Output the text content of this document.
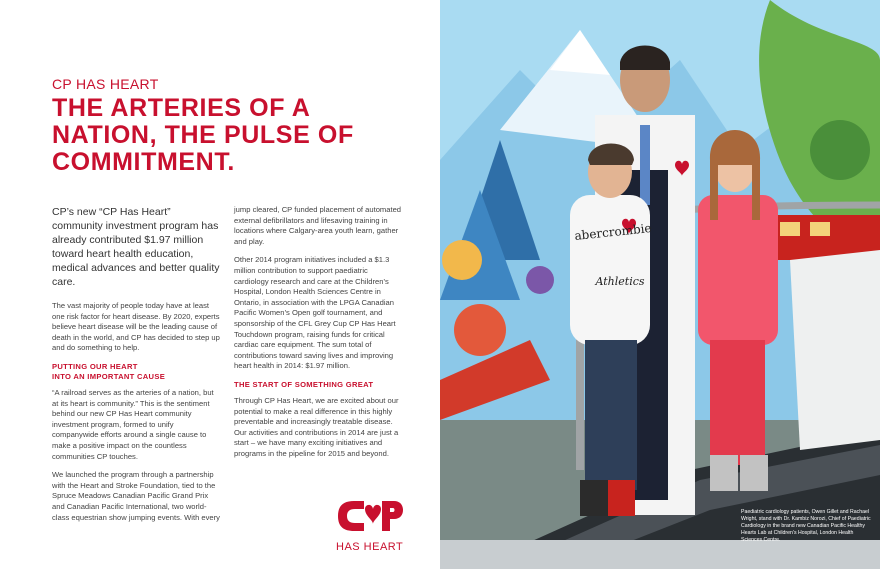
CP HAS HEART
THE ARTERIES OF A NATION, THE PULSE OF COMMITMENT.

CP’s new “CP Has Heart” community investment program has already contributed $1.97 million toward heart health education, medical advances and better quality care.

The vast majority of people today have at least one risk factor for heart disease. By 2020, experts believe heart disease will be the leading cause of death in the world, and CP has decided to step up and do something to help.

PUTTING OUR HEART
INTO AN IMPORTANT CAUSE

“A railroad serves as the arteries of a nation, but at its heart is community.” This is the sentiment behind our new CP Has Heart community investment program, formed to unify companywide efforts around a single cause to make a positive impact on the countless communities CP touches.

We launched the program through a partnership with the Heart and Stroke Foundation, tied to the Spruce Meadows Canadian Pacific Grand Prix and Canadian Pacific International, two world-class equestrian show jumping events. With every

jump cleared, CP funded placement of automated external defibrillators and lifesaving training in locations where Calgary-area youth learn, gather and play.

Other 2014 program initiatives included a $1.3 million contribution to support paediatric cardiology research and care at the Children’s Hospital, London Health Sciences Centre in Ontario, in association with the LPGA Canadian Pacific Women’s Open golf tournament, and sponsorship of the CFL Grey Cup CP Has Heart Touchdown program, raising funds for critical cardiac care equipment. The sum total of contributions toward saving lives and improving heart health in 2014: $1.97 million.

THE START OF SOMETHING GREAT

Through CP Has Heart, we are excited about our potential to make a real difference in this highly preventable and increasingly treatable disease. Our activities and contributions in 2014 are just a start – we have many exciting initiatives and programs in the pipeline for 2015 and beyond.

HAS HEART
abercrombie
Athletics
Paediatric cardiology patients, Owen Gillet and Rachael Wright, stand with Dr. Kambiz Norozi, Chief of Paediatric Cardiology in the brand new Canadian Pacific Healthy Hearts Lab at Children’s Hospital, London Health Sciences Centre.
